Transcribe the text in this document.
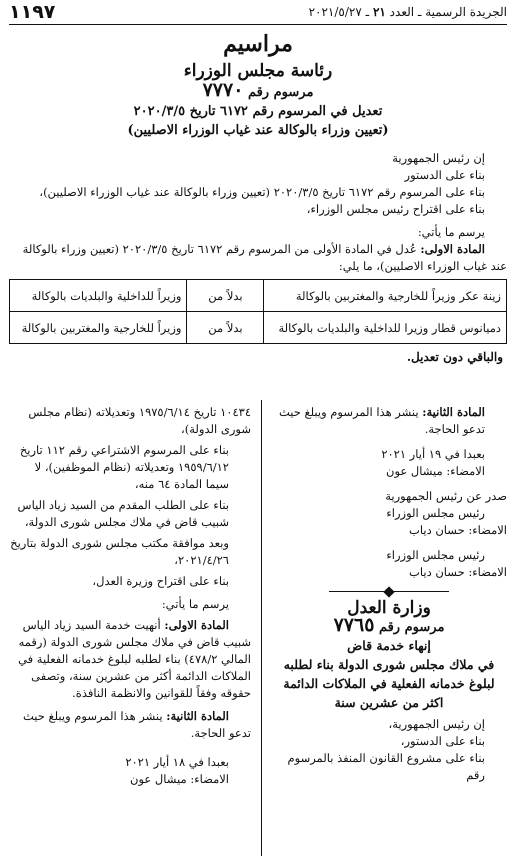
الجريدة الرسمية ـ العدد ٢١ ـ ٢٠٢١/٥/٢٧
١١٩٧
مراسيم
رئاسة مجلس الوزراء
مرسوم رقم ٧٧٧٠
تعديل في المرسوم رقم ٦١٧٢ تاريخ ٢٠٢٠/٣/٥
(تعيين وزراء بالوكالة عند غياب الوزراء الاصليين)

إن رئيس الجمهورية

بناء على الدستور

بناء على المرسوم رقم ٦١٧٢ تاريخ ٢٠٢٠/٣/٥ (تعيين وزراء بالوكالة عند غياب الوزراء الاصليين)،

بناء على اقتراح رئيس مجلس الوزراء،

يرسم ما يأتي:

المادة الاولى: عُدل في المادة الأولى من المرسوم رقم ٦١٧٢ تاريخ ٢٠٢٠/٣/٥ (تعيين وزراء بالوكالة عند غياب الوزراء الاصليين)، ما يلي:
زينة عكر وزيراً للخارجية والمغتربين بالوكالة	بدلاً من	وزيراً للداخلية والبلديات بالوكالة
دميانوس قطار وزيرا للداخلية والبلديات بالوكالة	بدلاً من	وزيراً للخارجية والمغتربين بالوكالة
والباقي دون تعديل.

المادة الثانية: ينشر هذا المرسوم ويبلغ حيث تدعو الحاجة.

بعبدا في ١٩ أيار ٢٠٢١

الامضاء: ميشال عون

صدر عن رئيس الجمهورية

رئيس مجلس الوزراء

الامضاء: حسان دياب

رئيس مجلس الوزراء

الامضاء: حسان دياب

وزارة العدل
مرسوم رقم ٧٧٦٥

إنهاء خدمة قاض

في ملاك مجلس شورى الدولة بناء لطلبه

لبلوغ خدمانه الفعلية في الملاكات الدائمة

اكثر من عشرين سنة

إن رئيس الجمهورية،

بناء على الدستور،

بناء على مشروع القانون المنفذ بالمرسوم رقم

١٠٤٣٤ تاريخ ١٩٧٥/٦/١٤ وتعديلاته (نظام مجلس شورى الدولة)،

بناء على المرسوم الاشتراعي رقم ١١٢ تاريخ ١٩٥٩/٦/١٢ وتعديلاته (نظام الموظفين)، لا سيما المادة ٦٤ منه،

بناء على الطلب المقدم من السيد زياد الياس شبيب قاض في ملاك مجلس شورى الدولة،

وبعد موافقة مكتب مجلس شورى الدولة بتاريخ ٢٠٢١/٤/٢٦،

بناء على اقتراح وزيرة العدل،

يرسم ما يأتي:

المادة الاولى: أنهيت خدمة السيد زياد الياس شبيب قاض في ملاك مجلس شورى الدولة (رقمه المالي ٤٧٨/٢) بناء لطلبه لبلوغ خدمانه الفعلية في الملاكات الدائمة أكثر من عشرين سنة، وتصفى حقوقه وفقاً للقوانين والانظمة النافذة.

المادة الثانية: ينشر هذا المرسوم ويبلغ حيث تدعو الحاجة.

بعبدا في ١٨ أيار ٢٠٢١

الامضاء: ميشال عون
